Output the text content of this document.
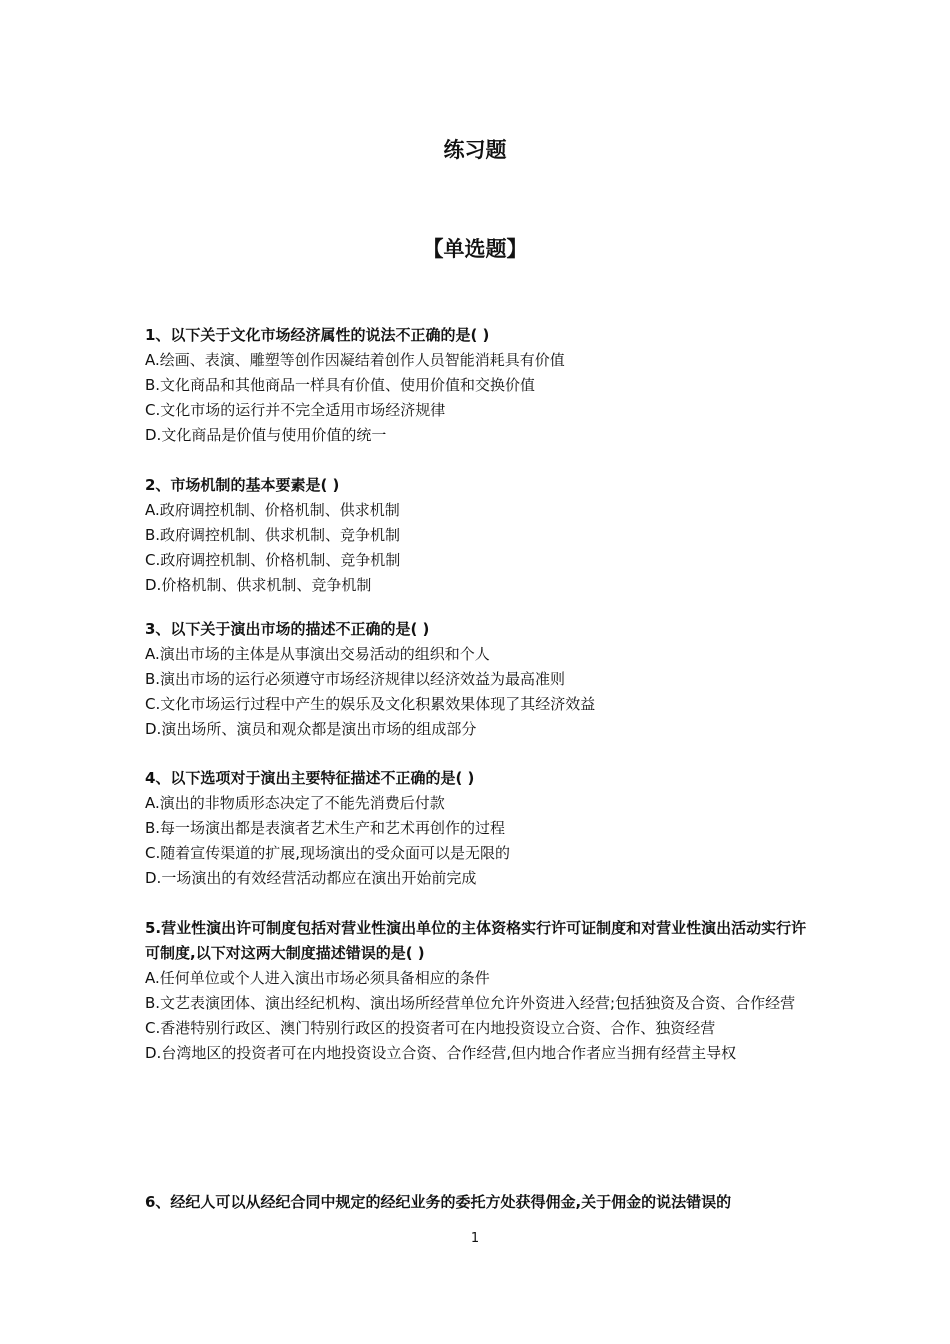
练习题
【单选题】

1、以下关于文化市场经济属性的说法不正确的是( )

A.绘画、表演、雕塑等创作因凝结着创作人员智能消耗具有价值

B.文化商品和其他商品一样具有价值、使用价值和交换价值

C.文化市场的运行并不完全适用市场经济规律

D.文化商品是价值与使用价值的统一

2、市场机制的基本要素是( )

A.政府调控机制、价格机制、供求机制

B.政府调控机制、供求机制、竞争机制

C.政府调控机制、价格机制、竞争机制

D.价格机制、供求机制、竞争机制

3、以下关于演出市场的描述不正确的是( )

A.演出市场的主体是从事演出交易活动的组织和个人

B.演出市场的运行必须遵守市场经济规律以经济效益为最高准则

C.文化市场运行过程中产生的娱乐及文化积累效果体现了其经济效益

D.演出场所、演员和观众都是演出市场的组成部分

4、以下选项对于演出主要特征描述不正确的是( )

A.演出的非物质形态决定了不能先消费后付款

B.每一场演出都是表演者艺术生产和艺术再创作的过程

C.随着宣传渠道的扩展,现场演出的受众面可以是无限的

D.一场演出的有效经营活动都应在演出开始前完成

5.营业性演出许可制度包括对营业性演出单位的主体资格实行许可证制度和对营业性演出活动实行许可制度,以下对这两大制度描述错误的是( )

A.任何单位或个人进入演出市场必须具备相应的条件

B.文艺表演团体、演出经纪机构、演出场所经营单位允许外资进入经营;包括独资及合资、合作经营

C.香港特别行政区、澳门特别行政区的投资者可在内地投资设立合资、合作、独资经营

D.台湾地区的投资者可在内地投资设立合资、合作经营,但内地合作者应当拥有经营主导权

6、经纪人可以从经纪合同中规定的经纪业务的委托方处获得佣金,关于佣金的说法错误的

1
